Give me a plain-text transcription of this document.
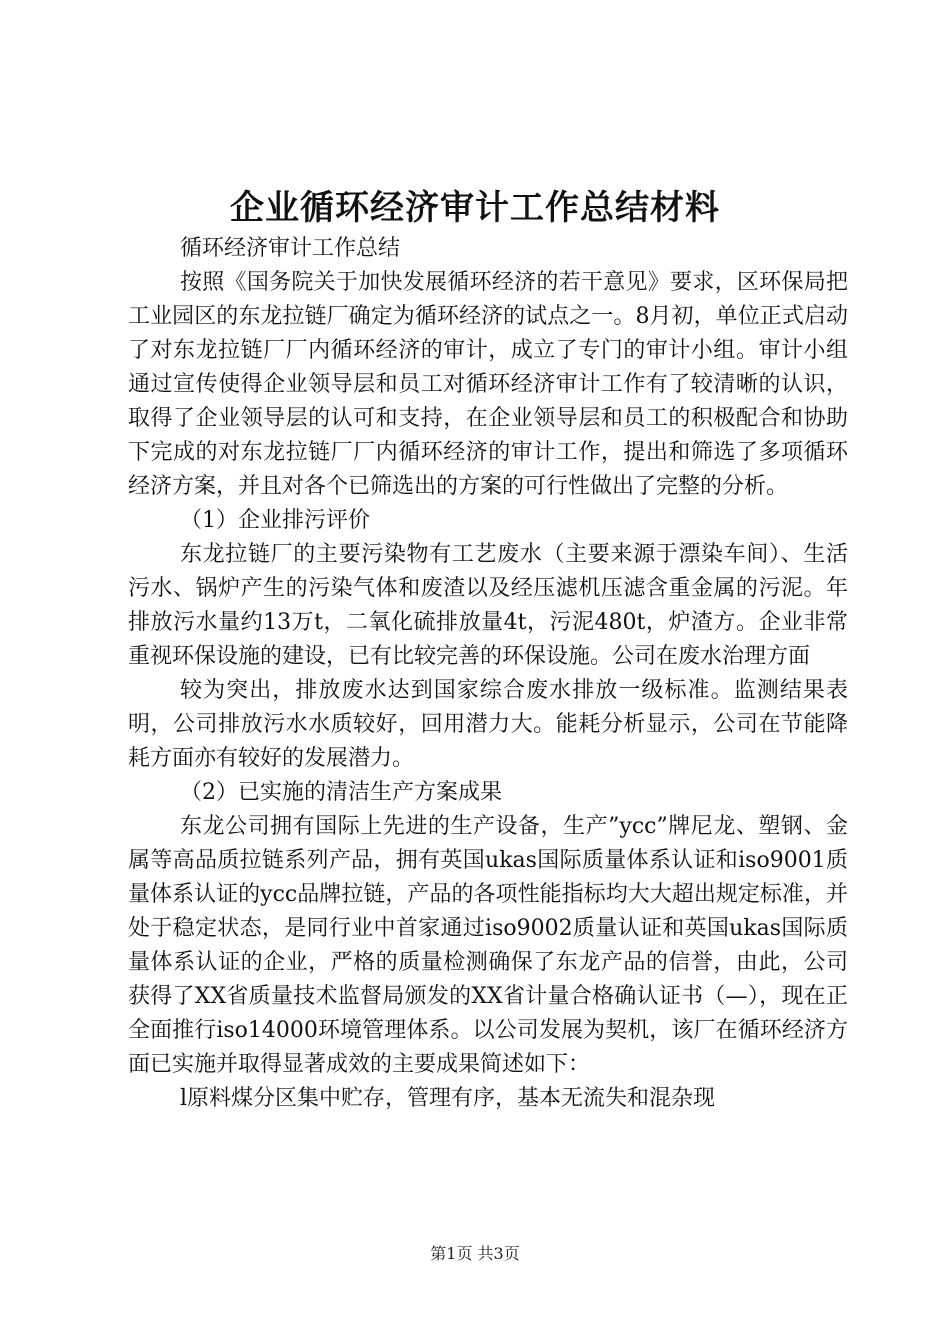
企业循环经济审计工作总结材料

循环经济审计工作总结

按照《国务院关于加快发展循环经济的若干意见》要求，区环保局把工业园区的东龙拉链厂确定为循环经济的试点之一。8月初，单位正式启动了对东龙拉链厂厂内循环经济的审计，成立了专门的审计小组。审计小组通过宣传使得企业领导层和员工对循环经济审计工作有了较清晰的认识，取得了企业领导层的认可和支持，在企业领导层和员工的积极配合和协助下完成的对东龙拉链厂厂内循环经济的审计工作，提出和筛选了多项循环经济方案，并且对各个已筛选出的方案的可行性做出了完整的分析。

（1）企业排污评价

东龙拉链厂的主要污染物有工艺废水（主要来源于漂染车间）、生活污水、锅炉产生的污染气体和废渣以及经压滤机压滤含重金属的污泥。年排放污水量约13万t，二氧化硫排放量4t，污泥480t，炉渣方。企业非常重视环保设施的建设，已有比较完善的环保设施。公司在废水治理方面

较为突出，排放废水达到国家综合废水排放一级标准。监测结果表明，公司排放污水水质较好，回用潜力大。能耗分析显示，公司在节能降耗方面亦有较好的发展潜力。

（2）已实施的清洁生产方案成果

东龙公司拥有国际上先进的生产设备，生产”ycc”牌尼龙、塑钢、金属等高品质拉链系列产品，拥有英国ukas国际质量体系认证和iso9001质量体系认证的ycc品牌拉链，产品的各项性能指标均大大超出规定标准，并处于稳定状态，是同行业中首家通过iso9002质量认证和英国ukas国际质量体系认证的企业，严格的质量检测确保了东龙产品的信誉，由此，公司获得了XX省质量技术监督局颁发的XX省计量合格确认证书（—），现在正全面推行iso14000环境管理体系。以公司发展为契机，该厂在循环经济方面已实施并取得显著成效的主要成果简述如下：

l原料煤分区集中贮存，管理有序，基本无流失和混杂现

第1页 共3页
